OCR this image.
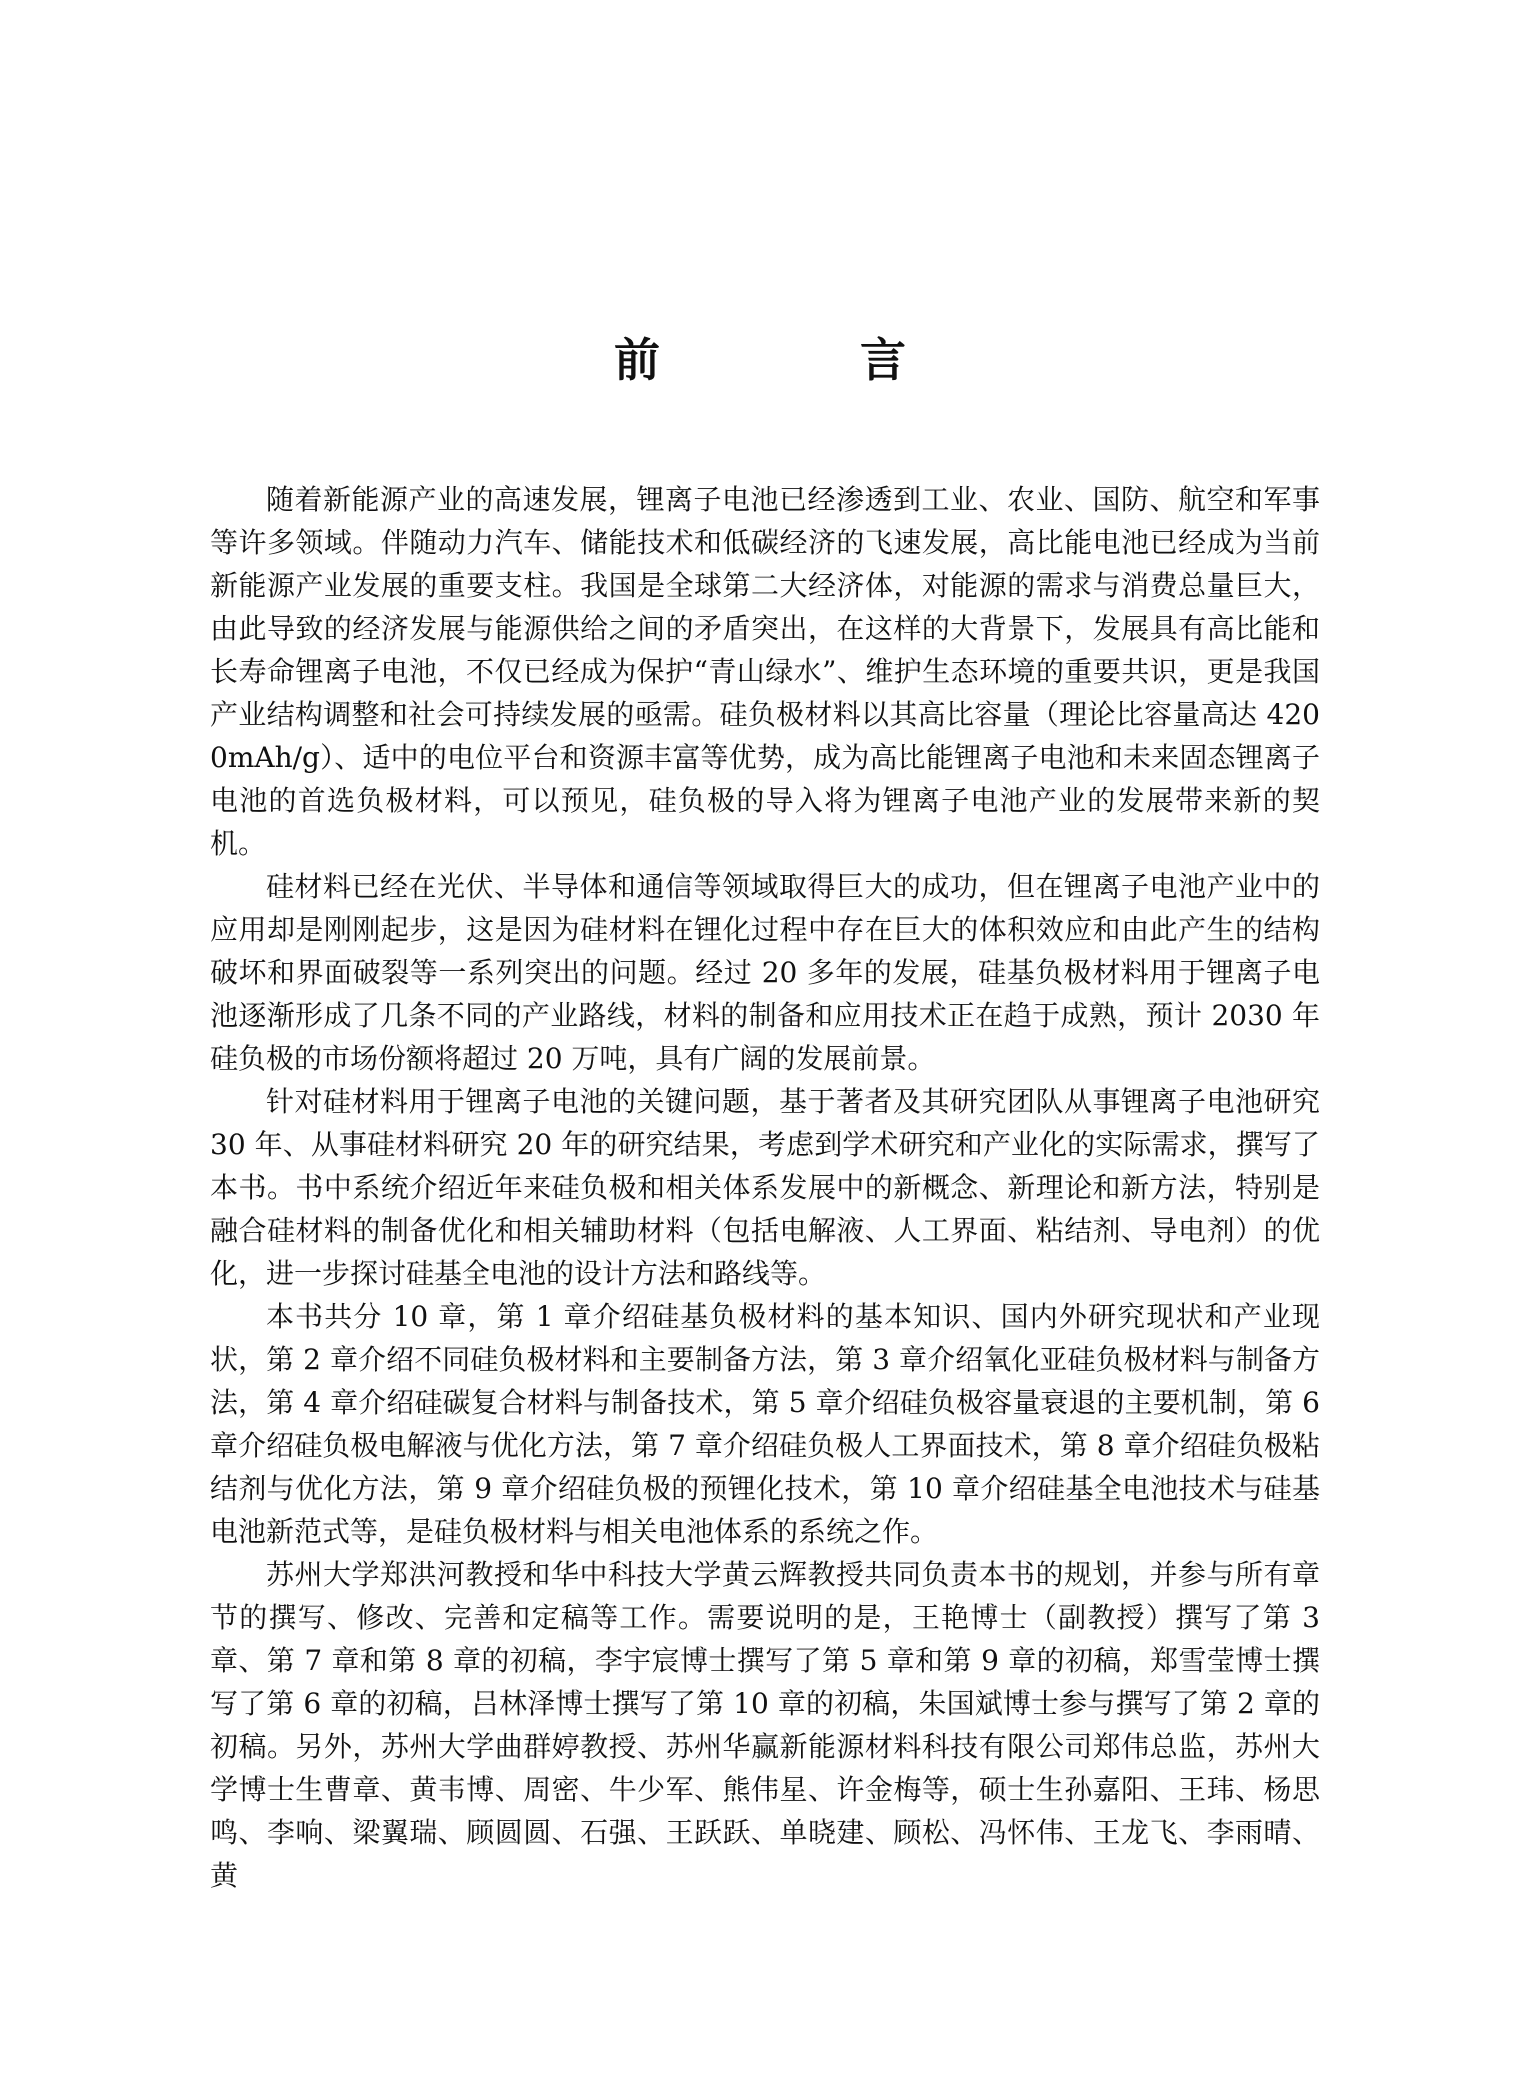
前 言

随着新能源产业的高速发展，锂离子电池已经渗透到工业、农业、国防、航空和军事等许多领域。伴随动力汽车、储能技术和低碳经济的飞速发展，高比能电池已经成为当前新能源产业发展的重要支柱。我国是全球第二大经济体，对能源的需求与消费总量巨大，由此导致的经济发展与能源供给之间的矛盾突出，在这样的大背景下，发展具有高比能和长寿命锂离子电池，不仅已经成为保护“青山绿水”、维护生态环境的重要共识，更是我国产业结构调整和社会可持续发展的亟需。硅负极材料以其高比容量（理论比容量高达 4200mAh/g）、适中的电位平台和资源丰富等优势，成为高比能锂离子电池和未来固态锂离子电池的首选负极材料，可以预见，硅负极的导入将为锂离子电池产业的发展带来新的契机。

硅材料已经在光伏、半导体和通信等领域取得巨大的成功，但在锂离子电池产业中的应用却是刚刚起步，这是因为硅材料在锂化过程中存在巨大的体积效应和由此产生的结构破坏和界面破裂等一系列突出的问题。经过 20 多年的发展，硅基负极材料用于锂离子电池逐渐形成了几条不同的产业路线，材料的制备和应用技术正在趋于成熟，预计 2030 年硅负极的市场份额将超过 20 万吨，具有广阔的发展前景。

针对硅材料用于锂离子电池的关键问题，基于著者及其研究团队从事锂离子电池研究 30 年、从事硅材料研究 20 年的研究结果，考虑到学术研究和产业化的实际需求，撰写了本书。书中系统介绍近年来硅负极和相关体系发展中的新概念、新理论和新方法，特别是融合硅材料的制备优化和相关辅助材料（包括电解液、人工界面、粘结剂、导电剂）的优化，进一步探讨硅基全电池的设计方法和路线等。

本书共分 10 章，第 1 章介绍硅基负极材料的基本知识、国内外研究现状和产业现状，第 2 章介绍不同硅负极材料和主要制备方法，第 3 章介绍氧化亚硅负极材料与制备方法，第 4 章介绍硅碳复合材料与制备技术，第 5 章介绍硅负极容量衰退的主要机制，第 6 章介绍硅负极电解液与优化方法，第 7 章介绍硅负极人工界面技术，第 8 章介绍硅负极粘结剂与优化方法，第 9 章介绍硅负极的预锂化技术，第 10 章介绍硅基全电池技术与硅基电池新范式等，是硅负极材料与相关电池体系的系统之作。

苏州大学郑洪河教授和华中科技大学黄云辉教授共同负责本书的规划，并参与所有章节的撰写、修改、完善和定稿等工作。需要说明的是，王艳博士（副教授）撰写了第 3 章、第 7 章和第 8 章的初稿，李宇宸博士撰写了第 5 章和第 9 章的初稿，郑雪莹博士撰写了第 6 章的初稿，吕林泽博士撰写了第 10 章的初稿，朱国斌博士参与撰写了第 2 章的初稿。另外，苏州大学曲群婷教授、苏州华赢新能源材料科技有限公司郑伟总监，苏州大学博士生曹章、黄韦博、周密、牛少军、熊伟星、许金梅等，硕士生孙嘉阳、王玮、杨思鸣、李响、梁翼瑞、顾圆圆、石强、王跃跃、单晓建、顾松、冯怀伟、王龙飞、李雨晴、黄
